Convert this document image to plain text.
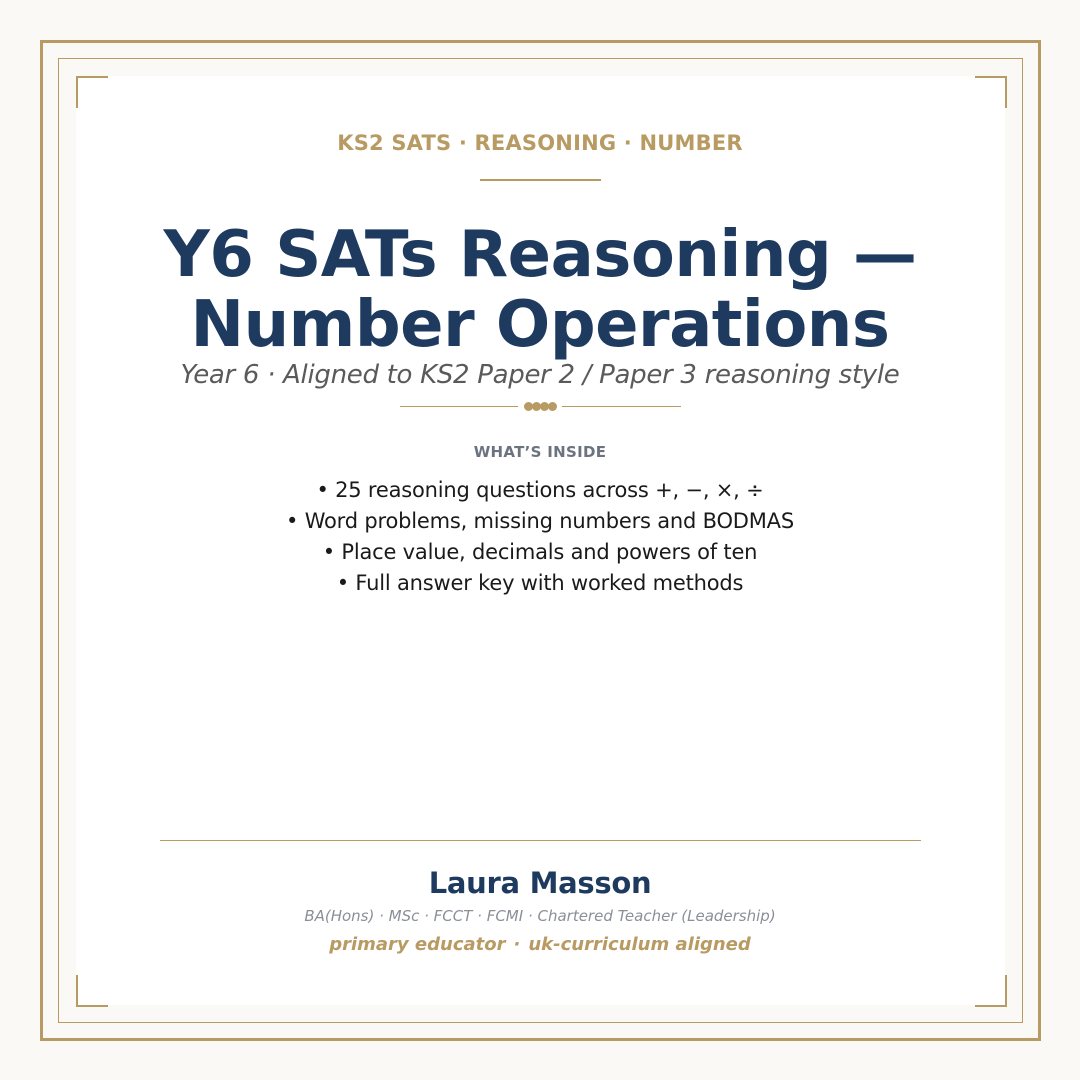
KS2 SATS · REASONING · NUMBER
Y6 SATs Reasoning —
Number Operations
Year 6 · Aligned to KS2 Paper 2 / Paper 3 reasoning style
WHAT’S INSIDE
• 25 reasoning questions across +, −, ×, ÷
• Word problems, missing numbers and BODMAS
• Place value, decimals and powers of ten
• Full answer key with worked methods
Laura Masson
BA(Hons) · MSc · FCCT · FCMI · Chartered Teacher (Leadership)
primary educator · uk-curriculum aligned
